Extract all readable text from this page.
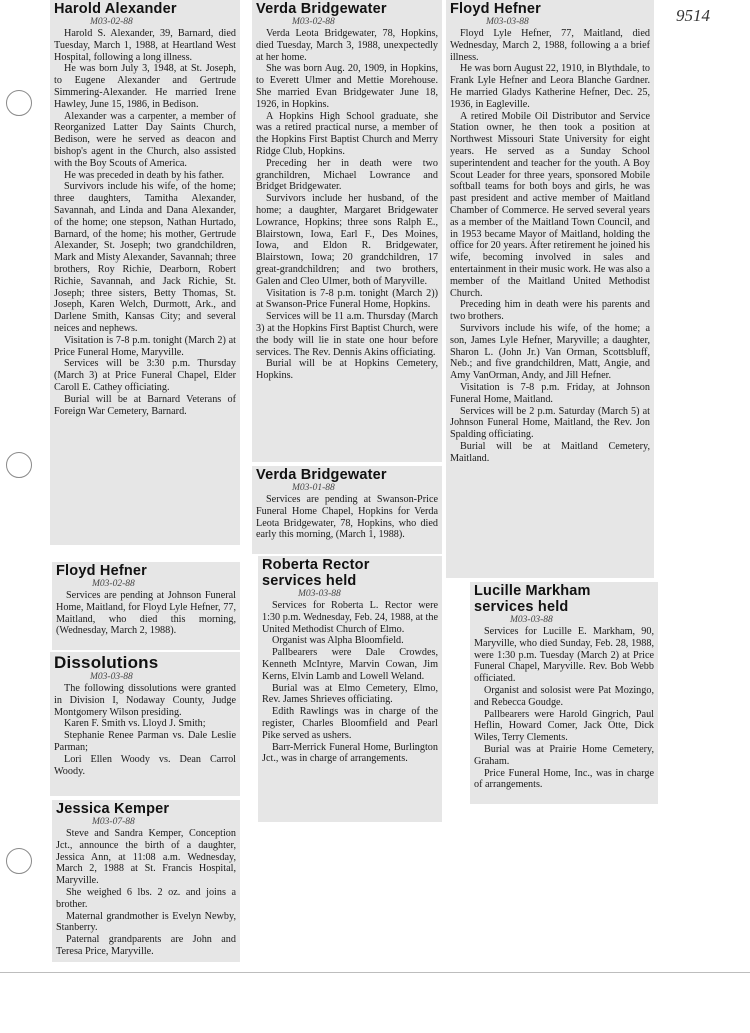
9514
Harold Alexander
M03-02-88

Harold S. Alexander, 39, Barnard, died Tuesday, March 1, 1988, at Heartland West Hospital, following a long illness.

He was born July 3, 1948, at St. Joseph, to Eugene Alexander and Gertrude Simmering-Alexander. He married Irene Hawley, June 15, 1986, in Bedison.

Alexander was a carpenter, a member of Reorganized Latter Day Saints Church, Bedison, were he served as deacon and bishop's agent in the Church, also assisted with the Boy Scouts of America.

He was preceded in death by his father.

Survivors include his wife, of the home; three daughters, Tamitha Alexander, Savannah, and Linda and Dana Alexander, of the home; one stepson, Nathan Hurtado, Barnard, of the home; his mother, Gertrude Alexander, St. Joseph; two grandchildren, Mark and Misty Alexander, Savannah; three brothers, Roy Richie, Dearborn, Robert Richie, Savannah, and Jack Richie, St. Joseph; three sisters, Betty Thomas, St. Joseph, Karen Welch, Durmott, Ark., and Darlene Smith, Kansas City; and several neices and nephews.

Visitation is 7-8 p.m. tonight (March 2) at Price Funeral Home, Maryville.

Services will be 3:30 p.m. Thursday (March 3) at Price Funeral Chapel, Elder Caroll E. Cathey officiating.

Burial will be at Barnard Veterans of Foreign War Cemetery, Barnard.

Floyd Hefner
M03-02-88

Services are pending at Johnson Funeral Home, Maitland, for Floyd Lyle Hefner, 77, Maitland, who died this morning, (Wednesday, March 2, 1988).

Dissolutions
M03-03-88

The following dissolutions were granted in Division I, Nodaway County, Judge Montgomery Wilson presiding.

Karen F. Smith vs. Lloyd J. Smith;

Stephanie Renee Parman vs. Dale Leslie Parman;

Lori Ellen Woody vs. Dean Carrol Woody.

Jessica Kemper
M03-07-88

Steve and Sandra Kemper, Conception Jct., announce the birth of a daughter, Jessica Ann, at 11:08 a.m. Wednesday, March 2, 1988 at St. Francis Hospital, Maryville.

She weighed 6 lbs. 2 oz. and joins a brother.

Maternal grandmother is Evelyn Newby, Stanberry.

Paternal grandparents are John and Teresa Price, Maryville.

Verda Bridgewater
M03-02-88

Verda Leota Bridgewater, 78, Hopkins, died Tuesday, March 3, 1988, unexpectedly at her home.

She was born Aug. 20, 1909, in Hopkins, to Everett Ulmer and Mettie Morehouse. She married Evan Bridgewater June 18, 1926, in Hopkins.

A Hopkins High School graduate, she was a retired practical nurse, a member of the Hopkins First Baptist Church and Merry Ridge Club, Hopkins.

Preceding her in death were two granchildren, Michael Lowrance and Bridget Bridgewater.

Survivors include her husband, of the home; a daughter, Margaret Bridgewater Lowrance, Hopkins; three sons Ralph E., Blairstown, Iowa, Earl F., Des Moines, Iowa, and Eldon R. Bridgewater, Blairstown, Iowa; 20 grandchildren, 17 great-grandchildren; and two brothers, Galen and Cleo Ulmer, both of Maryville.

Visitation is 7-8 p.m. tonight (March 2)) at Swanson-Price Funeral Home, Hopkins.

Services will be 11 a.m. Thursday (March 3) at the Hopkins First Baptist Church, were the body will lie in state one hour before services. The Rev. Dennis Akins officiating.

Burial will be at Hopkins Cemetery, Hopkins.

Verda Bridgewater
M03-01-88

Services are pending at Swanson-Price Funeral Home Chapel, Hopkins for Verda Leota Bridgewater, 78, Hopkins, who died early this morning, (March 1, 1988).

Roberta Rector services held
M03-03-88

Services for Roberta L. Rector were 1:30 p.m. Wednesday, Feb. 24, 1988, at the United Methodist Church of Elmo.

Organist was Alpha Bloomfield.

Pallbearers were Dale Crowdes, Kenneth McIntyre, Marvin Cowan, Jim Kerns, Elvin Lamb and Lowell Weland.

Burial was at Elmo Cemetery, Elmo, Rev. James Shrieves officiating.

Edith Rawlings was in charge of the register, Charles Bloomfield and Pearl Pike served as ushers.

Barr-Merrick Funeral Home, Burlington Jct., was in charge of arrangements.

Floyd Hefner
M03-03-88

Floyd Lyle Hefner, 77, Maitland, died Wednesday, March 2, 1988, following a a brief illness.

He was born August 22, 1910, in Blythdale, to Frank Lyle Hefner and Leora Blanche Gardner. He married Gladys Katherine Hefner, Dec. 25, 1936, in Eagleville.

A retired Mobile Oil Distributor and Service Station owner, he then took a position at Northwest Missouri State University for eight years. He served as a Sunday School superintendent and teacher for the youth. A Boy Scout Leader for three years, sponsored Mobile softball teams for both boys and girls, he was past president and active member of Maitland Chamber of Commerce. He served several years as a member of the Maitland Town Council, and in 1953 became Mayor of Maitland, holding the office for 20 years. After retirement he joined his wife, becoming involved in sales and entertainment in their music work. He was also a member of the Maitland United Methodist Church.

Preceding him in death were his parents and two brothers.

Survivors include his wife, of the home; a son, James Lyle Hefner, Maryville; a daughter, Sharon L. (John Jr.) Van Orman, Scottsbluff, Neb.; and five grandchildren, Matt, Angie, and Amy VanOrman, Andy, and Jill Hefner.

Visitation is 7-8 p.m. Friday, at Johnson Funeral Home, Maitland.

Services will be 2 p.m. Saturday (March 5) at Johnson Funeral Home, Maitland, the Rev. Jon Spalding officiating.

Burial will be at Maitland Cemetery, Maitland.

Lucille Markham services held
M03-03-88

Services for Lucille E. Markham, 90, Maryville, who died Sunday, Feb. 28, 1988, were 1:30 p.m. Tuesday (March 2) at Price Funeral Chapel, Maryville. Rev. Bob Webb officiated.

Organist and solosist were Pat Mozingo, and Rebecca Goudge.

Pallbearers were Harold Gingrich, Paul Heflin, Howard Comer, Jack Otte, Dick Wiles, Terry Clements.

Burial was at Prairie Home Cemetery, Graham.

Price Funeral Home, Inc., was in charge of arrangements.
